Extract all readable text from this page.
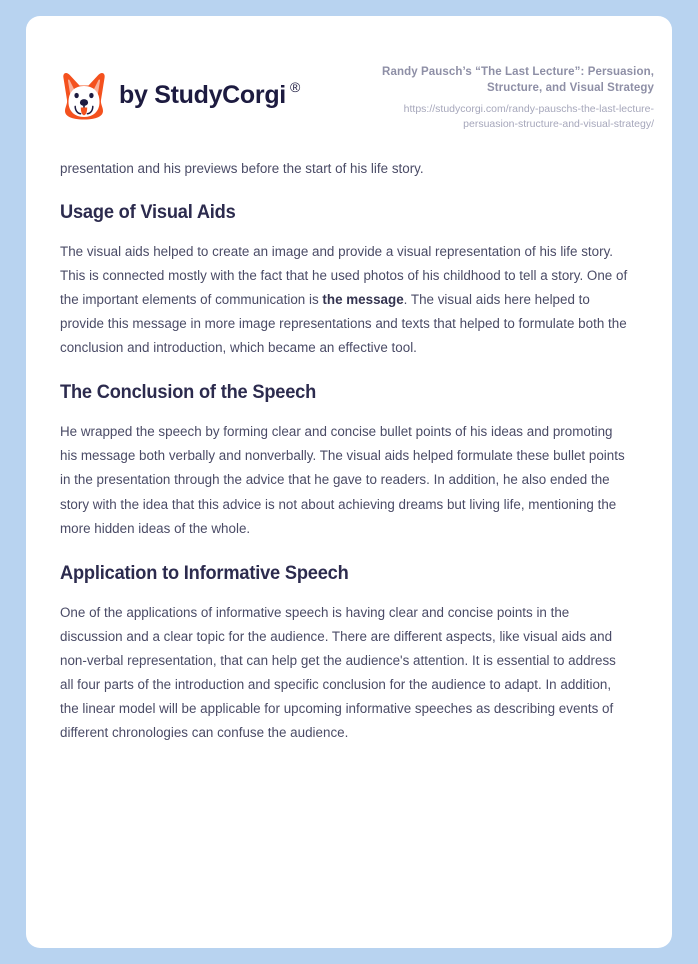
by StudyCorgi ®

Randy Pausch’s “The Last Lecture”: Persuasion, Structure, and Visual Strategy

https://studycorgi.com/randy-pauschs-the-last-lecture-persuasion-structure-and-visual-strategy/

presentation and his previews before the start of his life story.

Usage of Visual Aids

The visual aids helped to create an image and provide a visual representation of his life story. This is connected mostly with the fact that he used photos of his childhood to tell a story. One of the important elements of communication is the message. The visual aids here helped to provide this message in more image representations and texts that helped to formulate both the conclusion and introduction, which became an effective tool.

The Conclusion of the Speech

He wrapped the speech by forming clear and concise bullet points of his ideas and promoting his message both verbally and nonverbally. The visual aids helped formulate these bullet points in the presentation through the advice that he gave to readers. In addition, he also ended the story with the idea that this advice is not about achieving dreams but living life, mentioning the more hidden ideas of the whole.

Application to Informative Speech

One of the applications of informative speech is having clear and concise points in the discussion and a clear topic for the audience. There are different aspects, like visual aids and non-verbal representation, that can help get the audience's attention. It is essential to address all four parts of the introduction and specific conclusion for the audience to adapt. In addition, the linear model will be applicable for upcoming informative speeches as describing events of different chronologies can confuse the audience.
